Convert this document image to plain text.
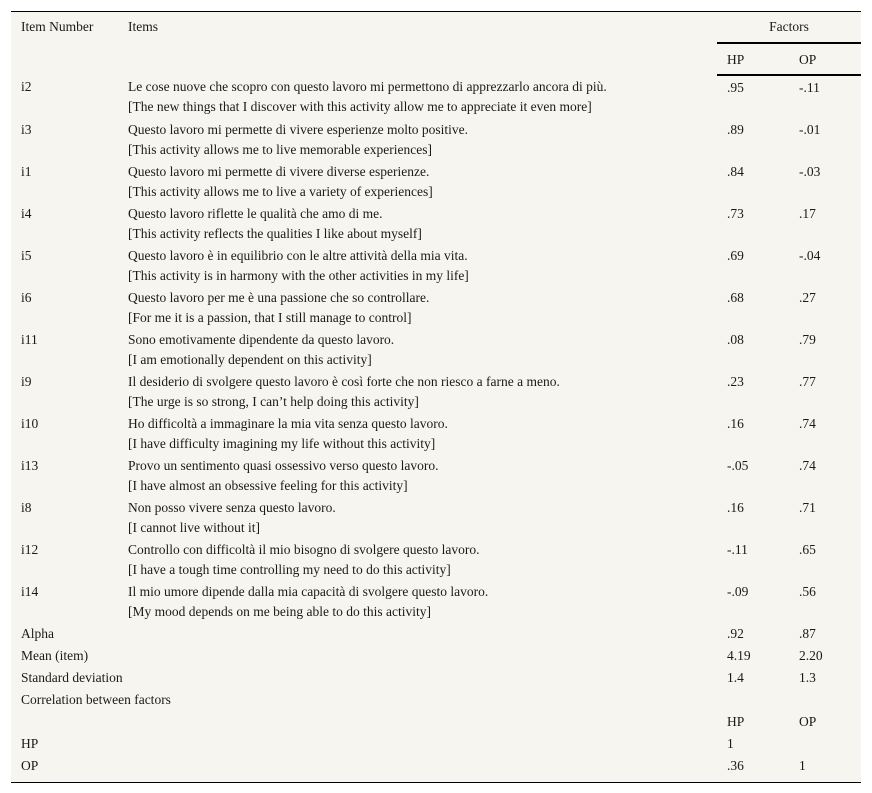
Item Number	Items	Factors	
		HP	OP
i2	Le cose nuove che scopro con questo lavoro mi permettono di apprezzarlo ancora di più.
[The new things that I discover with this activity allow me to appreciate it even more]	.95	-.11
i3	Questo lavoro mi permette di vivere esperienze molto positive.
[This activity allows me to live memorable experiences]	.89	-.01
i1	Questo lavoro mi permette di vivere diverse esperienze.
[This activity allows me to live a variety of experiences]	.84	-.03
i4	Questo lavoro riflette le qualità che amo di me.
[This activity reflects the qualities I like about myself]	.73	.17
i5	Questo lavoro è in equilibrio con le altre attività della mia vita.
[This activity is in harmony with the other activities in my life]	.69	-.04
i6	Questo lavoro per me è una passione che so controllare.
[For me it is a passion, that I still manage to control]	.68	.27
i11	Sono emotivamente dipendente da questo lavoro.
[I am emotionally dependent on this activity]	.08	.79
i9	Il desiderio di svolgere questo lavoro è così forte che non riesco a farne a meno.
[The urge is so strong, I can’t help doing this activity]	.23	.77
i10	Ho difficoltà a immaginare la mia vita senza questo lavoro.
[I have difficulty imagining my life without this activity]	.16	.74
i13	Provo un sentimento quasi ossessivo verso questo lavoro.
[I have almost an obsessive feeling for this activity]	-.05	.74
i8	Non posso vivere senza questo lavoro.
[I cannot live without it]	.16	.71
i12	Controllo con difficoltà il mio bisogno di svolgere questo lavoro.
[I have a tough time controlling my need to do this activity]	-.11	.65
i14	Il mio umore dipende dalla mia capacità di svolgere questo lavoro.
[My mood depends on me being able to do this activity]	-.09	.56
Alpha		.92	.87
Mean (item)		4.19	2.20
Standard deviation		1.4	1.3
Correlation between factors			
		HP	OP
HP		1	
OP		.36	1
